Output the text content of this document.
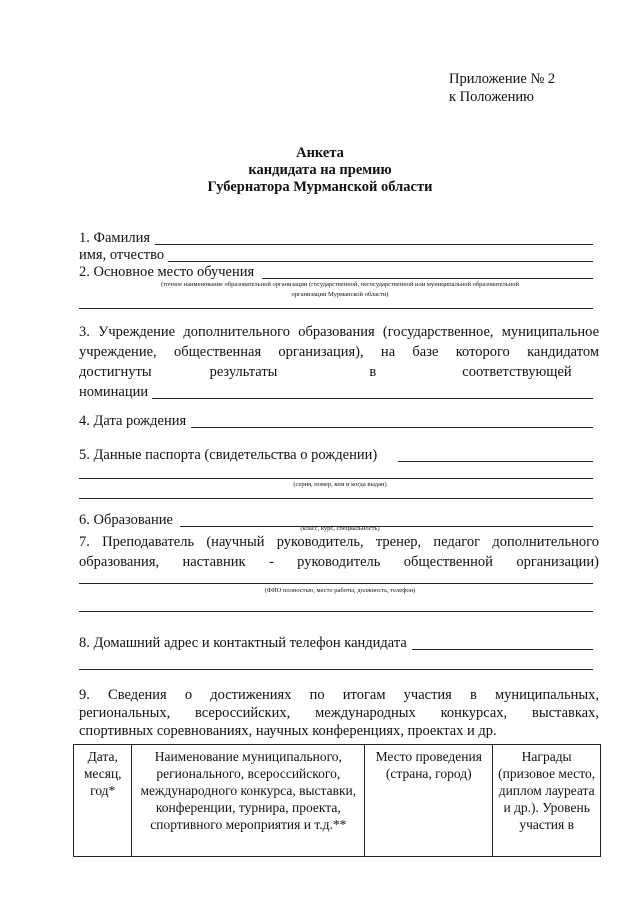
Приложение № 2
к Положению
Анкета
кандидата на премию
Губернатора Мурманской области
1. Фамилия
имя, отчество
2. Основное место обучения
(точное наименование образовательной организации (государственной, негосударственной или муниципальной образовательной
организации Мурманской области)
3. Учреждение дополнительного образования (государственное, муниципальное
учреждение, общественная организация), на базе которого кандидатом
достигнуты	результаты	в	соответствующей
номинации
4. Дата рождения
5. Данные паспорта (свидетельства о рождении)
(серия, номер, кем и когда выдан)
6. Образование
(класс, курс, специальность)
7. Преподаватель (научный руководитель, тренер, педагог дополнительного
образования, наставник - руководитель общественной организации)
(ФИО полностью, место работы, должность, телефон)
8. Домашний адрес и контактный телефон кандидата
9. Сведения о достижениях по итогам участия в муниципальных,
региональных, всероссийских, международных конкурсах, выставках,
спортивных соревнованиях, научных конференциях, проектах и др.
Дата, месяц, год*	Наименование муниципального, регионального, всероссийского, международного конкурса, выставки, конференции, турнира, проекта, спортивного мероприятия и т.д.**	Место проведения (страна, город)	Награды (призовое место, диплом лауреата и др.). Уровень участия в
